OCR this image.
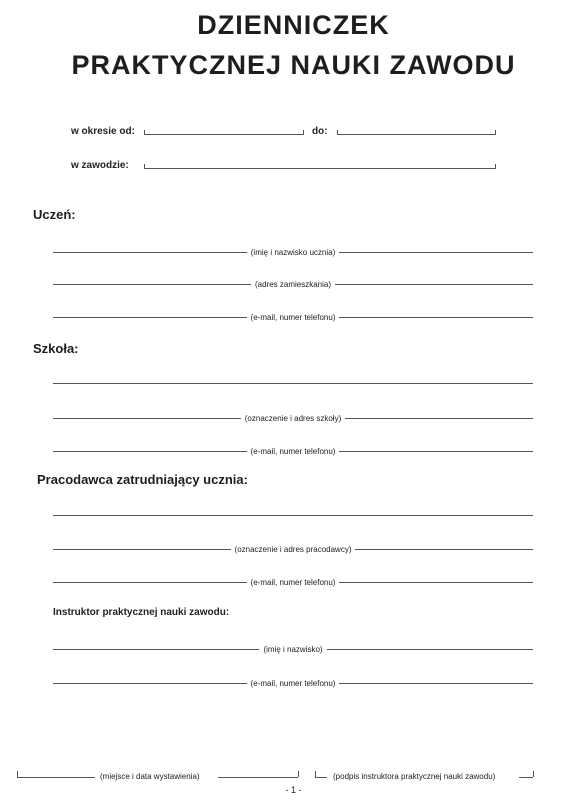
DZIENNICZEK
PRAKTYCZNEJ NAUKI ZAWODU
w okresie od:	do:
w zawodzie:
Uczeń:
(imię i nazwisko ucznia)
(adres zamieszkania)
(e-mail, numer telefonu)
Szkoła:
(oznaczenie i adres szkoły)
(e-mail, numer telefonu)
Pracodawca zatrudniający ucznia:
(oznaczenie i adres pracodawcy)
(e-mail, numer telefonu)
Instruktor praktycznej nauki zawodu:
(imię i nazwisko)
(e-mail, numer telefonu)
(miejsce i data wystawienia)	(podpis instruktora praktycznej nauki zawodu)
- 1 -
